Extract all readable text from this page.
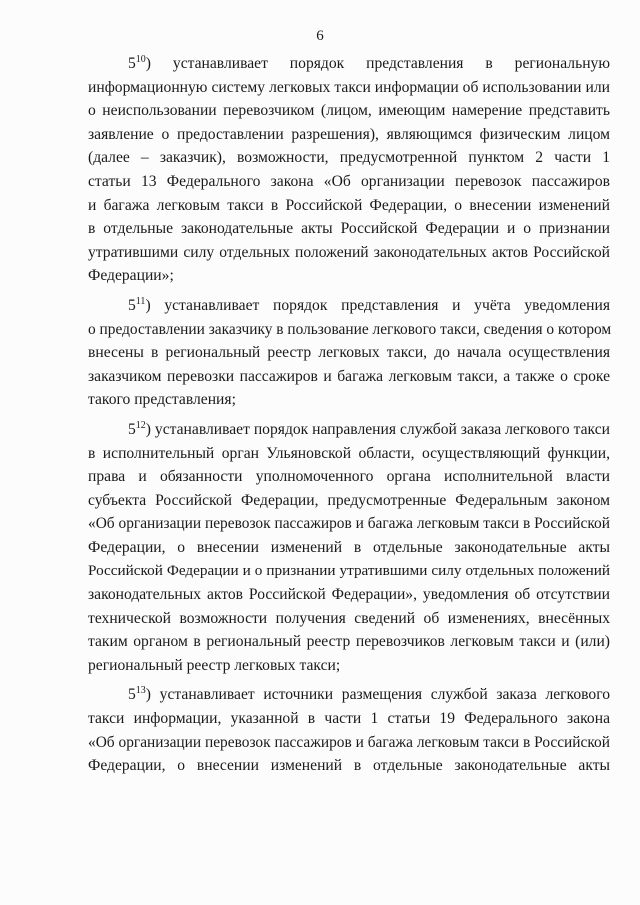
6
$5^{10}$) устанавливает порядок представления в региональную
информационную систему легковых такси информации об использовании или
о неиспользовании перевозчиком (лицом, имеющим намерение представить
заявление о предоставлении разрешения), являющимся физическим лицом
(далее – заказчик), возможности, предусмотренной пунктом 2 части 1
статьи 13 Федерального закона «Об организации перевозок пассажиров
и багажа легковым такси в Российской Федерации, о внесении изменений
в отдельные законодательные акты Российской Федерации и о признании
утратившими силу отдельных положений законодательных актов Российской
Федерации»;
$5^{11}$) устанавливает порядок представления и учёта уведомления
о предоставлении заказчику в пользование легкового такси, сведения о котором
внесены в региональный реестр легковых такси, до начала осуществления
заказчиком перевозки пассажиров и багажа легковым такси, а также о сроке
такого представления;
$5^{12}$) устанавливает порядок направления службой заказа легкового такси
в исполнительный орган Ульяновской области, осуществляющий функции,
права и обязанности уполномоченного органа исполнительной власти
субъекта Российской Федерации, предусмотренные Федеральным законом
«Об организации перевозок пассажиров и багажа легковым такси в Российской
Федерации, о внесении изменений в отдельные законодательные акты
Российской Федерации и о признании утратившими силу отдельных положений
законодательных актов Российской Федерации», уведомления об отсутствии
технической возможности получения сведений об изменениях, внесённых
таким органом в региональный реестр перевозчиков легковым такси и (или)
региональный реестр легковых такси;
$5^{13}$) устанавливает источники размещения службой заказа легкового
такси информации, указанной в части 1 статьи 19 Федерального закона
«Об организации перевозок пассажиров и багажа легковым такси в Российской
Федерации, о внесении изменений в отдельные законодательные акты
